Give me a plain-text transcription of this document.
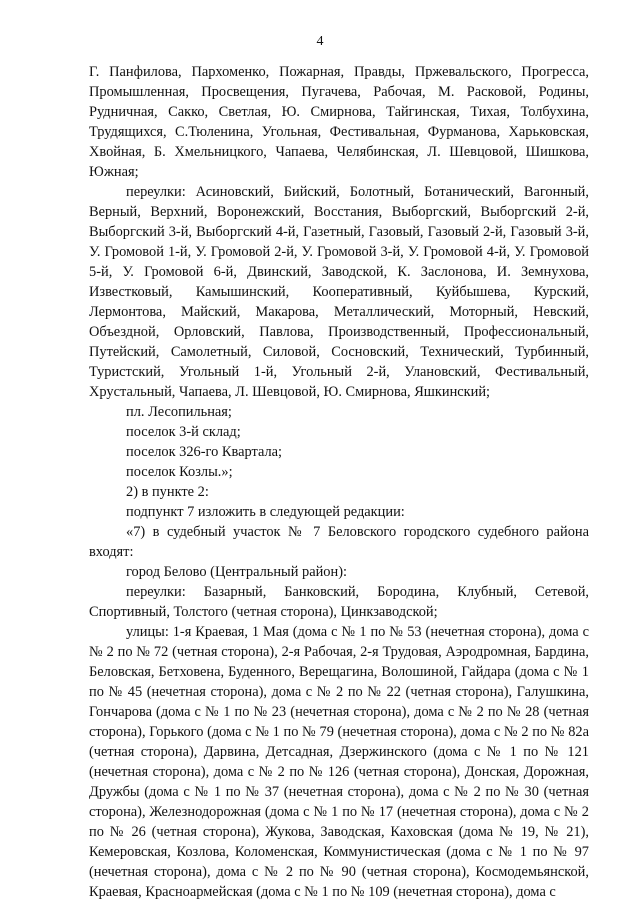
4

Г. Панфилова, Пархоменко, Пожарная, Правды, Пржевальского, Прогресса, Промышленная, Просвещения, Пугачева, Рабочая, М. Расковой, Родины, Рудничная, Сакко, Светлая, Ю. Смирнова, Тайгинская, Тихая, Толбухина, Трудящихся, С.Тюленина, Угольная, Фестивальная, Фурманова, Харьковская, Хвойная, Б. Хмельницкого, Чапаева, Челябинская, Л. Шевцовой, Шишкова, Южная;

переулки: Асиновский, Бийский, Болотный, Ботанический, Вагонный, Верный, Верхний, Воронежский, Восстания, Выборгский, Выборгский 2-й, Выборгский 3-й, Выборгский 4-й, Газетный, Газовый, Газовый 2-й, Газовый 3-й, У. Громовой 1-й, У. Громовой 2-й, У. Громовой 3-й, У. Громовой 4-й, У. Громовой 5-й, У. Громовой 6-й, Двинский, Заводской, К. Заслонова, И. Земнухова, Известковый, Камышинский, Кооперативный, Куйбышева, Курский, Лермонтова, Майский, Макарова, Металлический, Моторный, Невский, Объездной, Орловский, Павлова, Производственный, Профессиональный, Путейский, Самолетный, Силовой, Сосновский, Технический, Турбинный, Туристский, Угольный 1-й, Угольный 2-й, Улановский, Фестивальный, Хрустальный, Чапаева, Л. Шевцовой, Ю. Смирнова, Яшкинский;

пл. Лесопильная;

поселок 3-й склад;

поселок 326-го Квартала;

поселок Козлы.»;

2) в пункте 2:

подпункт 7 изложить в следующей редакции:

«7) в судебный участок № 7 Беловского городского судебного района входят:

город Белово (Центральный район):

переулки: Базарный, Банковский, Бородина, Клубный, Сетевой, Спортивный, Толстого (четная сторона), Цинкзаводской;

улицы: 1-я Краевая, 1 Мая (дома с № 1 по № 53 (нечетная сторона), дома с № 2 по № 72 (четная сторона), 2-я Рабочая, 2-я Трудовая, Аэродромная, Бардина, Беловская, Бетховена, Буденного, Верещагина, Волошиной, Гайдара (дома с № 1 по № 45 (нечетная сторона), дома с № 2 по № 22 (четная сторона), Галушкина, Гончарова (дома с № 1 по № 23 (нечетная сторона), дома с № 2 по № 28 (четная сторона), Горького (дома с № 1 по № 79 (нечетная сторона), дома с № 2 по № 82а (четная сторона), Дарвина, Детсадная, Дзержинского (дома с № 1 по № 121 (нечетная сторона), дома с № 2 по № 126 (четная сторона), Донская, Дорожная, Дружбы (дома с № 1 по № 37 (нечетная сторона), дома с № 2 по № 30 (четная сторона), Железнодорожная (дома с № 1 по № 17 (нечетная сторона), дома с № 2 по № 26 (четная сторона), Жукова, Заводская, Каховская (дома № 19, № 21), Кемеровская, Козлова, Коломенская, Коммунистическая (дома с № 1 по № 97 (нечетная сторона), дома с № 2 по № 90 (четная сторона), Космодемьянской, Краевая, Красноармейская (дома с № 1 по № 109 (нечетная сторона), дома с
